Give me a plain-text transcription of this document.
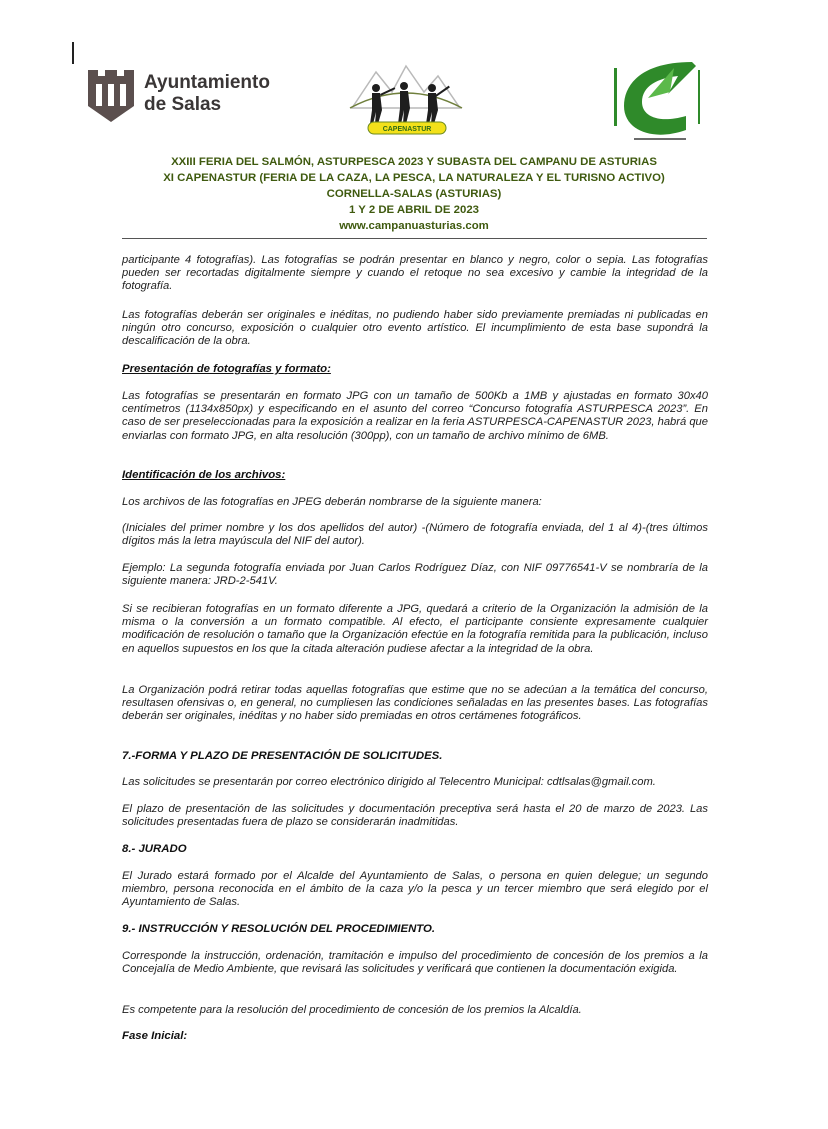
Ayuntamiento
de Salas
CAPENASTUR
XXIII FERIA DEL SALMÓN, ASTURPESCA 2023 Y SUBASTA DEL CAMPANU DE ASTURIAS
XI CAPENASTUR (FERIA DE LA CAZA, LA PESCA, LA NATURALEZA Y EL TURISNO ACTIVO)
CORNELLA-SALAS (ASTURIAS)
1 Y 2 DE ABRIL DE 2023
www.campanuasturias.com
participante 4 fotografías). Las fotografías se podrán presentar en blanco y negro, color o sepia. Las fotografías pueden ser recortadas digitalmente siempre y cuando el retoque no sea excesivo y cambie la integridad de la fotografía.
Las fotografías deberán ser originales e inéditas, no pudiendo haber sido previamente premiadas ni publicadas en ningún otro concurso, exposición o cualquier otro evento artístico. El incumplimiento de esta base supondrá la descalificación de la obra.
Presentación de fotografías y formato:
Las fotografías se presentarán en formato JPG con un tamaño de 500Kb a 1MB y ajustadas en formato 30x40 centímetros (1134x850px) y especificando en el asunto del correo “Concurso fotografía ASTURPESCA 2023”. En caso de ser preseleccionadas para la exposición a realizar en la feria ASTURPESCA-CAPENASTUR 2023, habrá que enviarlas con formato JPG, en alta resolución (300pp), con un tamaño de archivo mínimo de 6MB.
Identificación de los archivos:
Los archivos de las fotografías en JPEG deberán nombrarse de la siguiente manera:
(Iniciales del primer nombre y los dos apellidos del autor) -(Número de fotografía enviada, del 1 al 4)-(tres últimos dígitos más la letra mayúscula del NIF del autor).
Ejemplo: La segunda fotografía enviada por Juan Carlos Rodríguez Díaz, con NIF 09776541-V se nombraría de la siguiente manera: JRD-2-541V.
Si se recibieran fotografías en un formato diferente a JPG, quedará a criterio de la Organización la admisión de la misma o la conversión a un formato compatible. Al efecto, el participante consiente expresamente cualquier modificación de resolución o tamaño que la Organización efectúe en la fotografía remitida para la publicación, incluso en aquellos supuestos en los que la citada alteración pudiese afectar a la integridad de la obra.
La Organización podrá retirar todas aquellas fotografías que estime que no se adecúan a la temática del concurso, resultasen ofensivas o, en general, no cumpliesen las condiciones señaladas en las presentes bases. Las fotografías deberán ser originales, inéditas y no haber sido premiadas en otros certámenes fotográficos.
7.-FORMA Y PLAZO DE PRESENTACIÓN DE SOLICITUDES.
Las solicitudes se presentarán por correo electrónico dirigido al Telecentro Municipal: cdtlsalas@gmail.com.
El plazo de presentación de las solicitudes y documentación preceptiva será hasta el 20 de marzo de 2023. Las solicitudes presentadas fuera de plazo se considerarán inadmitidas.
8.- JURADO
El Jurado estará formado por el Alcalde del Ayuntamiento de Salas, o persona en quien delegue; un segundo miembro, persona reconocida en el ámbito de la caza y/o la pesca y un tercer miembro que será elegido por el Ayuntamiento de Salas.
9.- INSTRUCCIÓN Y RESOLUCIÓN DEL PROCEDIMIENTO.
Corresponde la instrucción, ordenación, tramitación e impulso del procedimiento de concesión de los premios a la Concejalía de Medio Ambiente, que revisará las solicitudes y verificará que contienen la documentación exigida.
Es competente para la resolución del procedimiento de concesión de los premios la Alcaldía.
Fase Inicial:
